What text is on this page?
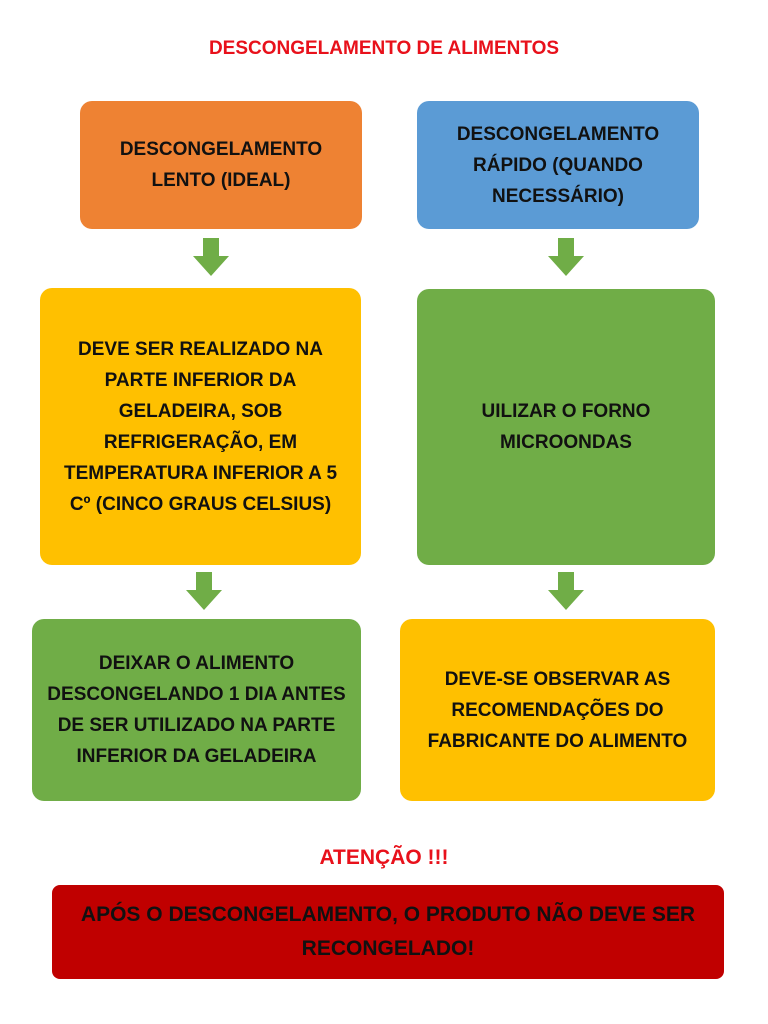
DESCONGELAMENTO DE ALIMENTOS
DESCONGELAMENTO LENTO (IDEAL)
DEVE SER REALIZADO NA PARTE INFERIOR DA GELADEIRA, SOB REFRIGERAÇÃO, EM TEMPERATURA INFERIOR A 5 Cº (CINCO GRAUS CELSIUS)
DEIXAR O ALIMENTO DESCONGELANDO 1 DIA ANTES DE SER UTILIZADO NA PARTE INFERIOR DA GELADEIRA
DESCONGELAMENTO RÁPIDO (QUANDO NECESSÁRIO)
UILIZAR O FORNO MICROONDAS
DEVE-SE OBSERVAR AS RECOMENDAÇÕES DO FABRICANTE DO ALIMENTO
ATENÇÃO !!!
APÓS O DESCONGELAMENTO, O PRODUTO NÃO DEVE SER RECONGELADO!
